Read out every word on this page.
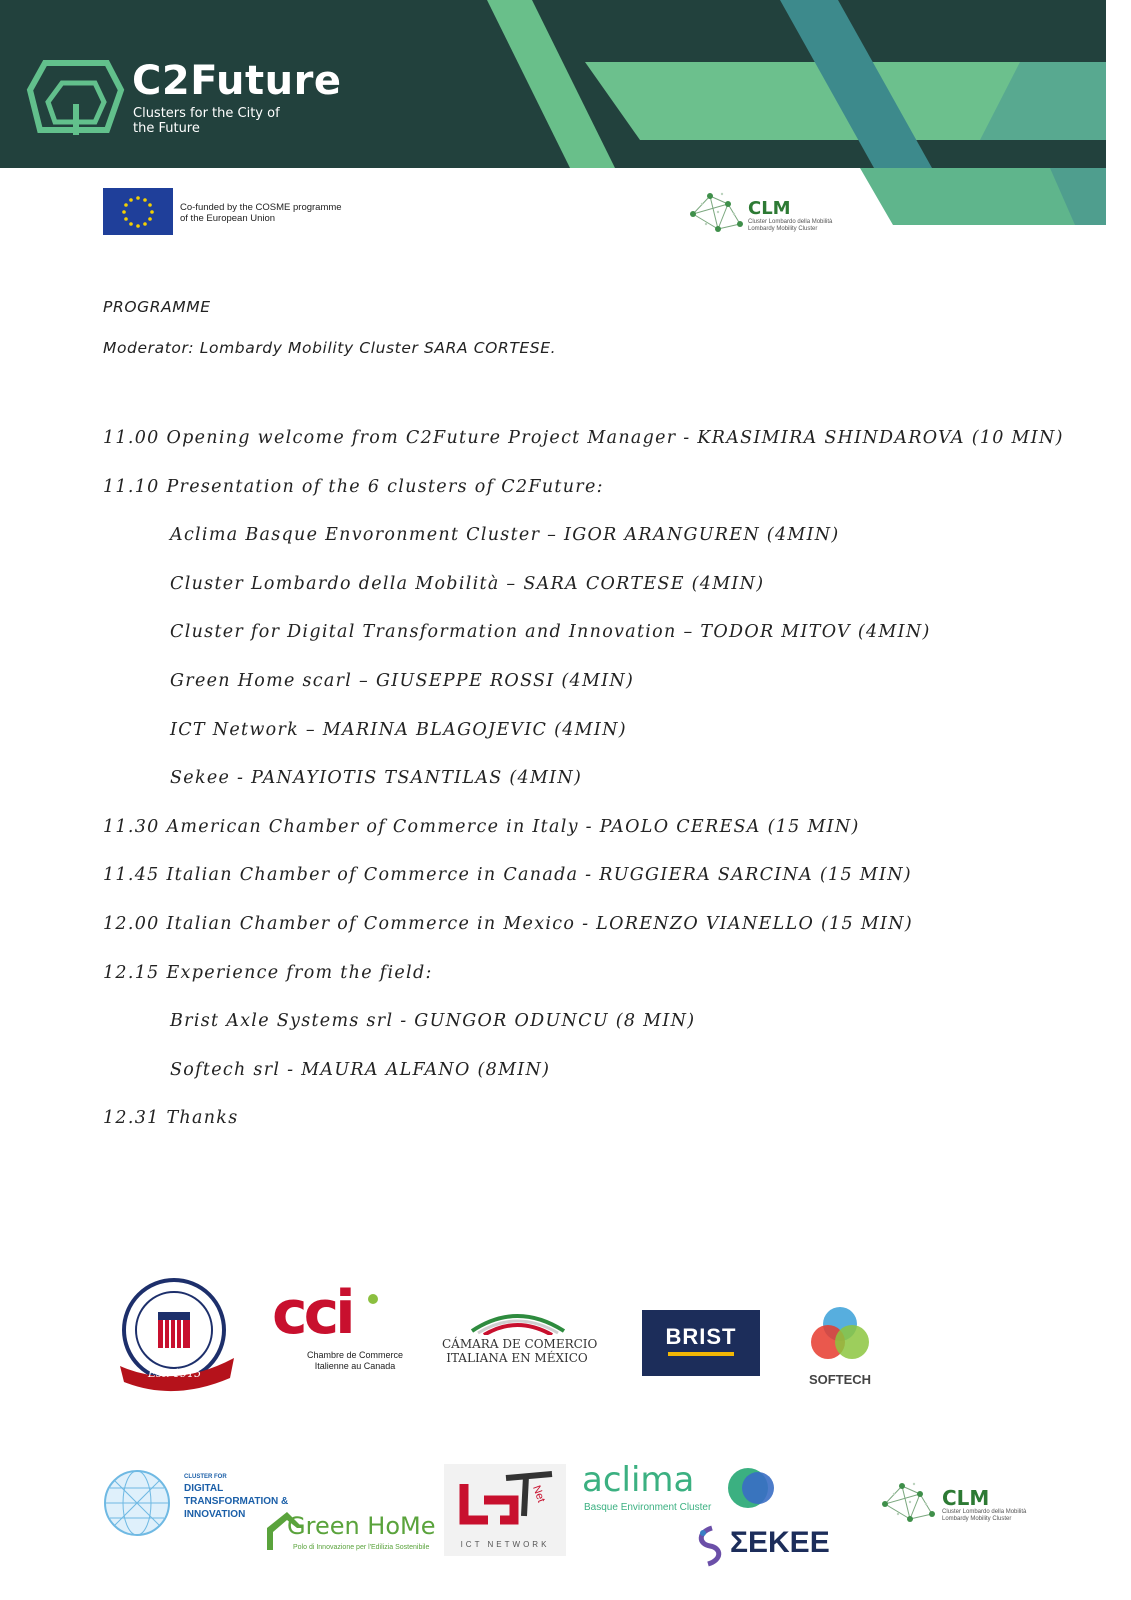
C2Future
Clusters for the City of the Future
Co-funded by the COSME programme of the European Union	CLM
Cluster Lombardo della Mobilità Lombardy Mobility Cluster
PROGRAMME
Moderator: Lombardy Mobility Cluster SARA CORTESE.
11.00 Opening welcome from C2Future Project Manager - KRASIMIRA SHINDAROVA (10 MIN)
11.10 Presentation of the 6 clusters of C2Future:
Aclima Basque Envoronment Cluster – IGOR ARANGUREN (4MIN)
Cluster Lombardo della Mobilità – SARA CORTESE (4MIN)
Cluster for Digital Transformation and Innovation – TODOR MITOV (4MIN)
Green Home scarl – GIUSEPPE ROSSI (4MIN)
ICT Network – MARINA BLAGOJEVIC (4MIN)
Sekee - PANAYIOTIS TSANTILAS (4MIN)
11.30 American Chamber of Commerce in Italy - PAOLO CERESA (15 MIN)
11.45 Italian Chamber of Commerce in Canada - RUGGIERA SARCINA (15 MIN)
12.00 Italian Chamber of Commerce in Mexico - LORENZO VIANELLO (15 MIN)
12.15 Experience from the field:
Brist Axle Systems srl - GUNGOR ODUNCU (8 MIN)
Softech srl - MAURA ALFANO (8MIN)
12.31 Thanks
Est. 1915
cci
Chambre de Commerce Italienne au Canada
CÁMARA DE COMERCIO
ITALIANA EN MÉXICO
BRIST
SOFTECH
CLUSTER FOR
DIGITAL
TRANSFORMATION &
INNOVATION Green HoMe
Polo di Innovazione per l'Edilizia Sostenibile
Net
ICT NETWORK
aclima
Basque Environment Cluster
ΣΕΚΕΕ
CLM
Cluster Lombardo della Mobilità Lombardy Mobility Cluster
